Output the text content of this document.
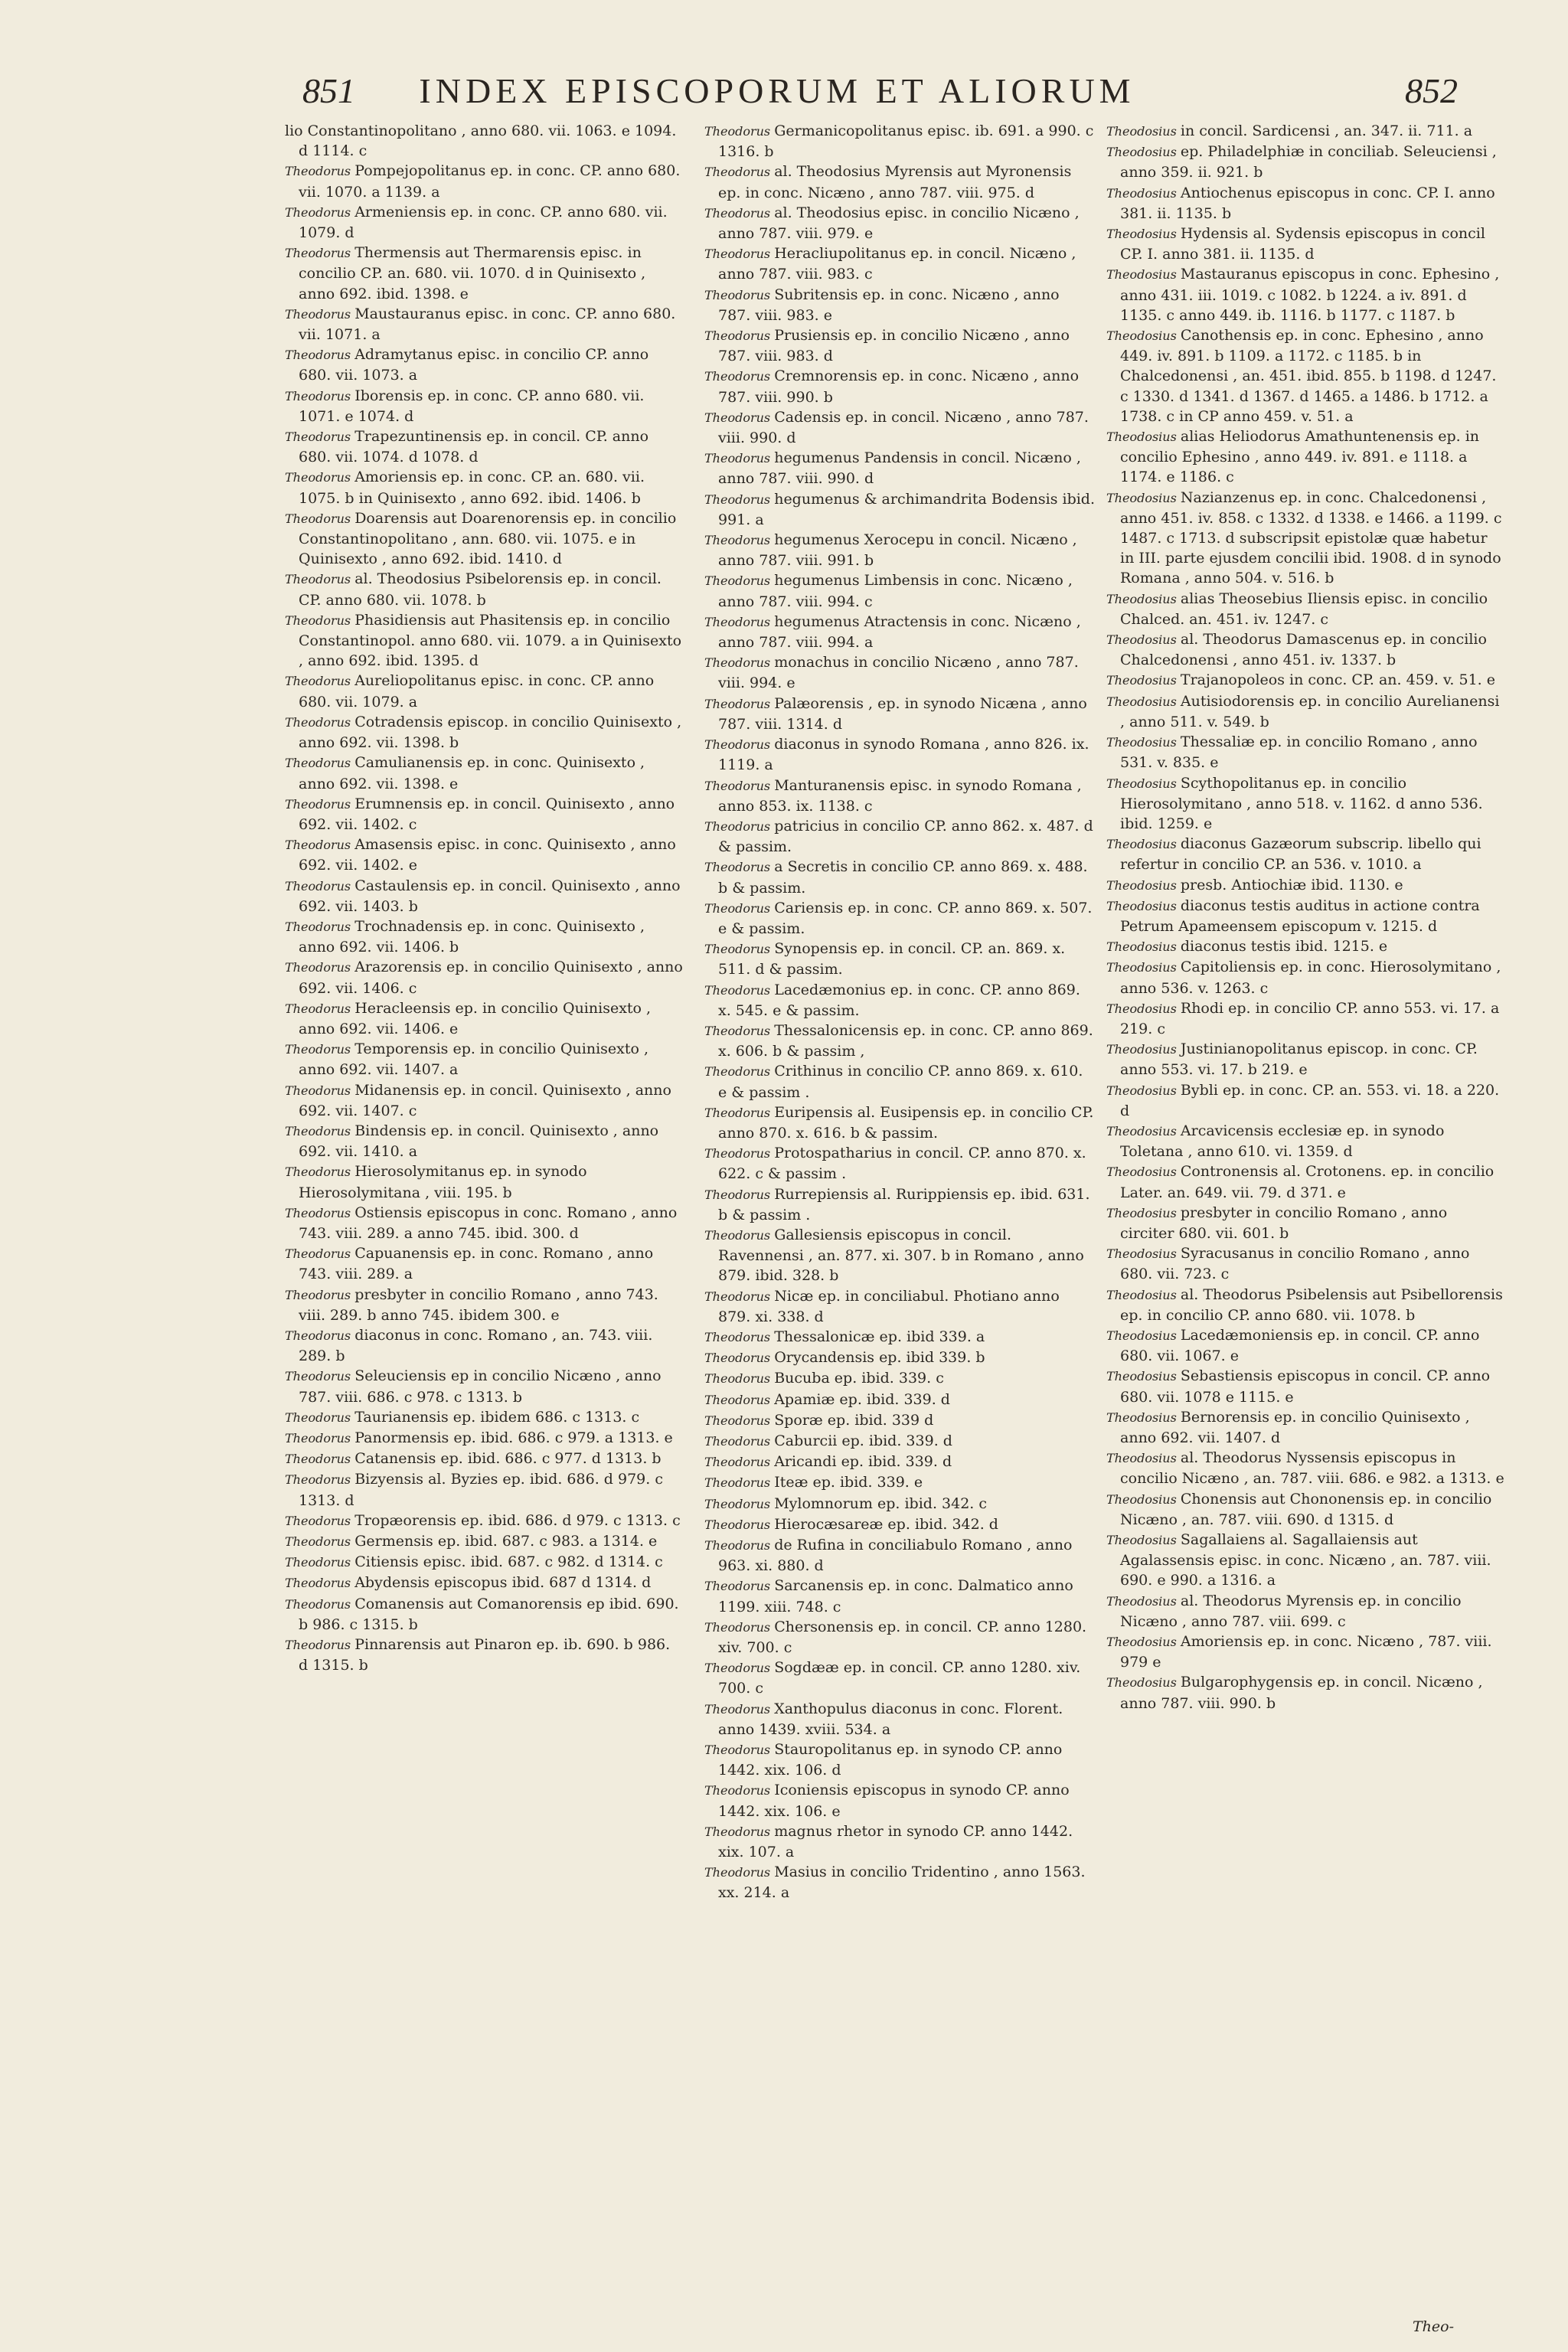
851	INDEX EPISCOPORUM ET ALIORUM	852

lio Constantinopolitano , anno 680. vii. 1063. e 1094. d 1114. c

Theodorus Pompejopolitanus ep. in conc. CP. anno 680. vii. 1070. a 1139. a

Theodorus Armeniensis ep. in conc. CP. anno 680. vii. 1079. d

Theodorus Thermensis aut Thermarensis episc. in concilio CP. an. 680. vii. 1070. d in Quinisexto , anno 692. ibid. 1398. e

Theodorus Maustauranus episc. in conc. CP. anno 680. vii. 1071. a

Theodorus Adramytanus episc. in concilio CP. anno 680. vii. 1073. a

Theodorus Iborensis ep. in conc. CP. anno 680. vii. 1071. e 1074. d

Theodorus Trapezuntinensis ep. in concil. CP. anno 680. vii. 1074. d 1078. d

Theodorus Amoriensis ep. in conc. CP. an. 680. vii. 1075. b in Quinisexto , anno 692. ibid. 1406. b

Theodorus Doarensis aut Doarenorensis ep. in concilio Constantinopolitano , ann. 680. vii. 1075. e in Quinisexto , anno 692. ibid. 1410. d

Theodorus al. Theodosius Psibelorensis ep. in concil. CP. anno 680. vii. 1078. b

Theodorus Phasidiensis aut Phasitensis ep. in concilio Constantinopol. anno 680. vii. 1079. a in Quinisexto , anno 692. ibid. 1395. d

Theodorus Aureliopolitanus episc. in conc. CP. anno 680. vii. 1079. a

Theodorus Cotradensis episcop. in concilio Quinisexto , anno 692. vii. 1398. b

Theodorus Camulianensis ep. in conc. Quinisexto , anno 692. vii. 1398. e

Theodorus Erumnensis ep. in concil. Quinisexto , anno 692. vii. 1402. c

Theodorus Amasensis episc. in conc. Quinisexto , anno 692. vii. 1402. e

Theodorus Castaulensis ep. in concil. Quinisexto , anno 692. vii. 1403. b

Theodorus Trochnadensis ep. in conc. Quinisexto , anno 692. vii. 1406. b

Theodorus Arazorensis ep. in concilio Quinisexto , anno 692. vii. 1406. c

Theodorus Heracleensis ep. in concilio Quinisexto , anno 692. vii. 1406. e

Theodorus Temporensis ep. in concilio Quinisexto , anno 692. vii. 1407. a

Theodorus Midanensis ep. in concil. Quinisexto , anno 692. vii. 1407. c

Theodorus Bindensis ep. in concil. Quinisexto , anno 692. vii. 1410. a

Theodorus Hierosolymitanus ep. in synodo Hierosolymitana , viii. 195. b

Theodorus Ostiensis episcopus in conc. Romano , anno 743. viii. 289. a anno 745. ibid. 300. d

Theodorus Capuanensis ep. in conc. Romano , anno 743. viii. 289. a

Theodorus presbyter in concilio Romano , anno 743. viii. 289. b anno 745. ibidem 300. e

Theodorus diaconus in conc. Romano , an. 743. viii. 289. b

Theodorus Seleuciensis ep in concilio Nicæno , anno 787. viii. 686. c 978. c 1313. b

Theodorus Taurianensis ep. ibidem 686. c 1313. c

Theodorus Panormensis ep. ibid. 686. c 979. a 1313. e

Theodorus Catanensis ep. ibid. 686. c 977. d 1313. b

Theodorus Bizyensis al. Byzies ep. ibid. 686. d 979. c 1313. d

Theodorus Tropæorensis ep. ibid. 686. d 979. c 1313. c

Theodorus Germensis ep. ibid. 687. c 983. a 1314. e

Theodorus Citiensis episc. ibid. 687. c 982. d 1314. c

Theodorus Abydensis episcopus ibid. 687 d 1314. d

Theodorus Comanensis aut Comanorensis ep ibid. 690. b 986. c 1315. b

Theodorus Pinnarensis aut Pinaron ep. ib. 690. b 986. d 1315. b

Theodorus Germanicopolitanus episc. ib. 691. a 990. c 1316. b

Theodorus al. Theodosius Myrensis aut Myronensis ep. in conc. Nicæno , anno 787. viii. 975. d

Theodorus al. Theodosius episc. in concilio Nicæno , anno 787. viii. 979. e

Theodorus Heracliupolitanus ep. in concil. Nicæno , anno 787. viii. 983. c

Theodorus Subritensis ep. in conc. Nicæno , anno 787. viii. 983. e

Theodorus Prusiensis ep. in concilio Nicæno , anno 787. viii. 983. d

Theodorus Cremnorensis ep. in conc. Nicæno , anno 787. viii. 990. b

Theodorus Cadensis ep. in concil. Nicæno , anno 787. viii. 990. d

Theodorus hegumenus Pandensis in concil. Nicæno , anno 787. viii. 990. d

Theodorus hegumenus & archimandrita Bodensis ibid. 991. a

Theodorus hegumenus Xerocepu in concil. Nicæno , anno 787. viii. 991. b

Theodorus hegumenus Limbensis in conc. Nicæno , anno 787. viii. 994. c

Theodorus hegumenus Atractensis in conc. Nicæno , anno 787. viii. 994. a

Theodorus monachus in concilio Nicæno , anno 787. viii. 994. e

Theodorus Palæorensis , ep. in synodo Nicæna , anno 787. viii. 1314. d

Theodorus diaconus in synodo Romana , anno 826. ix. 1119. a

Theodorus Manturanensis episc. in synodo Romana , anno 853. ix. 1138. c

Theodorus patricius in concilio CP. anno 862. x. 487. d & passim.

Theodorus a Secretis in concilio CP. anno 869. x. 488. b & passim.

Theodorus Cariensis ep. in conc. CP. anno 869. x. 507. e & passim.

Theodorus Synopensis ep. in concil. CP. an. 869. x. 511. d & passim.

Theodorus Lacedæmonius ep. in conc. CP. anno 869. x. 545. e & passim.

Theodorus Thessalonicensis ep. in conc. CP. anno 869. x. 606. b & passim ,

Theodorus Crithinus in concilio CP. anno 869. x. 610. e & passim .

Theodorus Euripensis al. Eusipensis ep. in concilio CP. anno 870. x. 616. b & passim.

Theodorus Protospatharius in concil. CP. anno 870. x. 622. c & passim .

Theodorus Rurrepiensis al. Rurippiensis ep. ibid. 631. b & passim .

Theodorus Gallesiensis episcopus in concil. Ravennensi , an. 877. xi. 307. b in Romano , anno 879. ibid. 328. b

Theodorus Nicæ ep. in conciliabul. Photiano anno 879. xi. 338. d

Theodorus Thessalonicæ ep. ibid 339. a

Theodorus Orycandensis ep. ibid 339. b

Theodorus Bucuba ep. ibid. 339. c

Theodorus Apamiæ ep. ibid. 339. d

Theodorus Sporæ ep. ibid. 339 d

Theodorus Caburcii ep. ibid. 339. d

Theodorus Aricandi ep. ibid. 339. d

Theodorus Iteæ ep. ibid. 339. e

Theodorus Mylomnorum ep. ibid. 342. c

Theodorus Hierocæsareæ ep. ibid. 342. d

Theodorus de Rufina in conciliabulo Romano , anno 963. xi. 880. d

Theodorus Sarcanensis ep. in conc. Dalmatico anno 1199. xiii. 748. c

Theodorus Chersonensis ep. in concil. CP. anno 1280. xiv. 700. c

Theodorus Sogdææ ep. in concil. CP. anno 1280. xiv. 700. c

Theodorus Xanthopulus diaconus in conc. Florent. anno 1439. xviii. 534. a

Theodorus Stauropolitanus ep. in synodo CP. anno 1442. xix. 106. d

Theodorus Iconiensis episcopus in synodo CP. anno 1442. xix. 106. e

Theodorus magnus rhetor in synodo CP. anno 1442. xix. 107. a

Theodorus Masius in concilio Tridentino , anno 1563. xx. 214. a

Theodosius in concil. Sardicensi , an. 347. ii. 711. a

Theodosius ep. Philadelphiæ in conciliab. Seleuciensi , anno 359. ii. 921. b

Theodosius Antiochenus episcopus in conc. CP. I. anno 381. ii. 1135. b

Theodosius Hydensis al. Sydensis episcopus in concil CP. I. anno 381. ii. 1135. d

Theodosius Mastauranus episcopus in conc. Ephesino , anno 431. iii. 1019. c 1082. b 1224. a iv. 891. d 1135. c anno 449. ib. 1116. b 1177. c 1187. b

Theodosius Canothensis ep. in conc. Ephesino , anno 449. iv. 891. b 1109. a 1172. c 1185. b in Chalcedonensi , an. 451. ibid. 855. b 1198. d 1247. c 1330. d 1341. d 1367. d 1465. a 1486. b 1712. a 1738. c in CP anno 459. v. 51. a

Theodosius alias Heliodorus Amathuntenensis ep. in concilio Ephesino , anno 449. iv. 891. e 1118. a 1174. e 1186. c

Theodosius Nazianzenus ep. in conc. Chalcedonensi , anno 451. iv. 858. c 1332. d 1338. e 1466. a 1199. c 1487. c 1713. d subscripsit epistolæ quæ habetur in III. parte ejusdem concilii ibid. 1908. d in synodo Romana , anno 504. v. 516. b

Theodosius alias Theosebius Iliensis episc. in concilio Chalced. an. 451. iv. 1247. c

Theodosius al. Theodorus Damascenus ep. in concilio Chalcedonensi , anno 451. iv. 1337. b

Theodosius Trajanopoleos in conc. CP. an. 459. v. 51. e

Theodosius Autisiodorensis ep. in concilio Aurelianensi , anno 511. v. 549. b

Theodosius Thessaliæ ep. in concilio Romano , anno 531. v. 835. e

Theodosius Scythopolitanus ep. in concilio Hierosolymitano , anno 518. v. 1162. d anno 536. ibid. 1259. e

Theodosius diaconus Gazæorum subscrip. libello qui refertur in concilio CP. an 536. v. 1010. a

Theodosius presb. Antiochiæ ibid. 1130. e

Theodosius diaconus testis auditus in actione contra Petrum Apameensem episcopum v. 1215. d

Theodosius diaconus testis ibid. 1215. e

Theodosius Capitoliensis ep. in conc. Hierosolymitano , anno 536. v. 1263. c

Theodosius Rhodi ep. in concilio CP. anno 553. vi. 17. a 219. c

Theodosius Justinianopolitanus episcop. in conc. CP. anno 553. vi. 17. b 219. e

Theodosius Bybli ep. in conc. CP. an. 553. vi. 18. a 220. d

Theodosius Arcavicensis ecclesiæ ep. in synodo Toletana , anno 610. vi. 1359. d

Theodosius Contronensis al. Crotonens. ep. in concilio Later. an. 649. vii. 79. d 371. e

Theodosius presbyter in concilio Romano , anno circiter 680. vii. 601. b

Theodosius Syracusanus in concilio Romano , anno 680. vii. 723. c

Theodosius al. Theodorus Psibelensis aut Psibellorensis ep. in concilio CP. anno 680. vii. 1078. b

Theodosius Lacedæmoniensis ep. in concil. CP. anno 680. vii. 1067. e

Theodosius Sebastiensis episcopus in concil. CP. anno 680. vii. 1078 e 1115. e

Theodosius Bernorensis ep. in concilio Quinisexto , anno 692. vii. 1407. d

Theodosius al. Theodorus Nyssensis episcopus in concilio Nicæno , an. 787. viii. 686. e 982. a 1313. e

Theodosius Chonensis aut Chononensis ep. in concilio Nicæno , an. 787. viii. 690. d 1315. d

Theodosius Sagallaiens al. Sagallaiensis aut Agalassensis episc. in conc. Nicæno , an. 787. viii. 690. e 990. a 1316. a

Theodosius al. Theodorus Myrensis ep. in concilio Nicæno , anno 787. viii. 699. c

Theodosius Amoriensis ep. in conc. Nicæno , 787. viii. 979 e

Theodosius Bulgarophygensis ep. in concil. Nicæno , anno 787. viii. 990. b

Theo-
